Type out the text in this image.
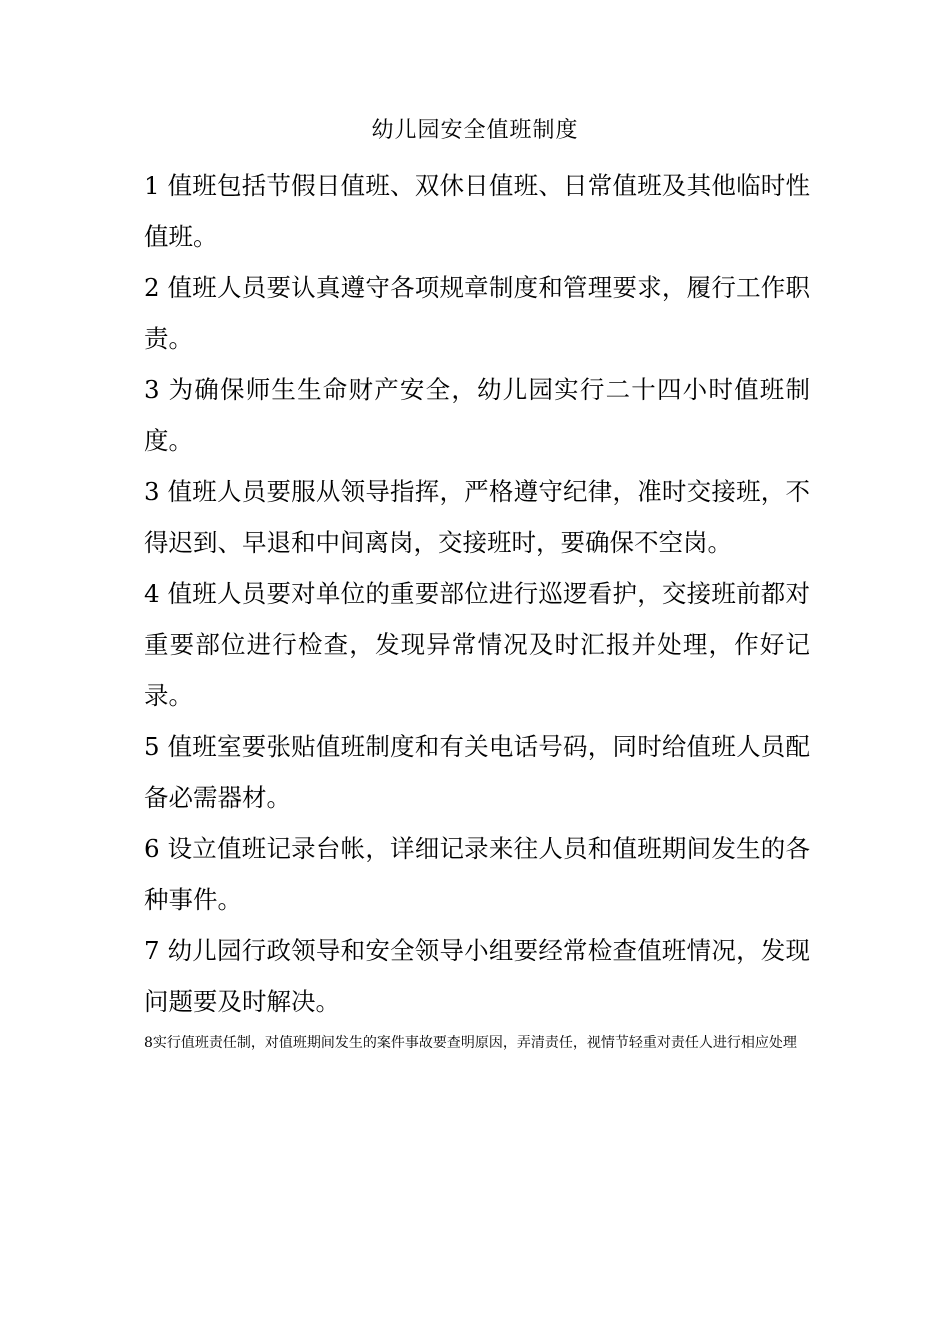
幼儿园安全值班制度

1 值班包括节假日值班、双休日值班、日常值班及其他临时性值班。

2 值班人员要认真遵守各项规章制度和管理要求，履行工作职责。

3 为确保师生生命财产安全，幼儿园实行二十四小时值班制度。

3 值班人员要服从领导指挥，严格遵守纪律，准时交接班，不得迟到、早退和中间离岗，交接班时，要确保不空岗。

4 值班人员要对单位的重要部位进行巡逻看护，交接班前都对重要部位进行检查，发现异常情况及时汇报并处理，作好记录。

5 值班室要张贴值班制度和有关电话号码，同时给值班人员配备必需器材。

6 设立值班记录台帐，详细记录来往人员和值班期间发生的各种事件。

7 幼儿园行政领导和安全领导小组要经常检查值班情况，发现问题要及时解决。

8实行值班责任制，对值班期间发生的案件事故要查明原因，弄清责任，视情节轻重对责任人进行相应处理
